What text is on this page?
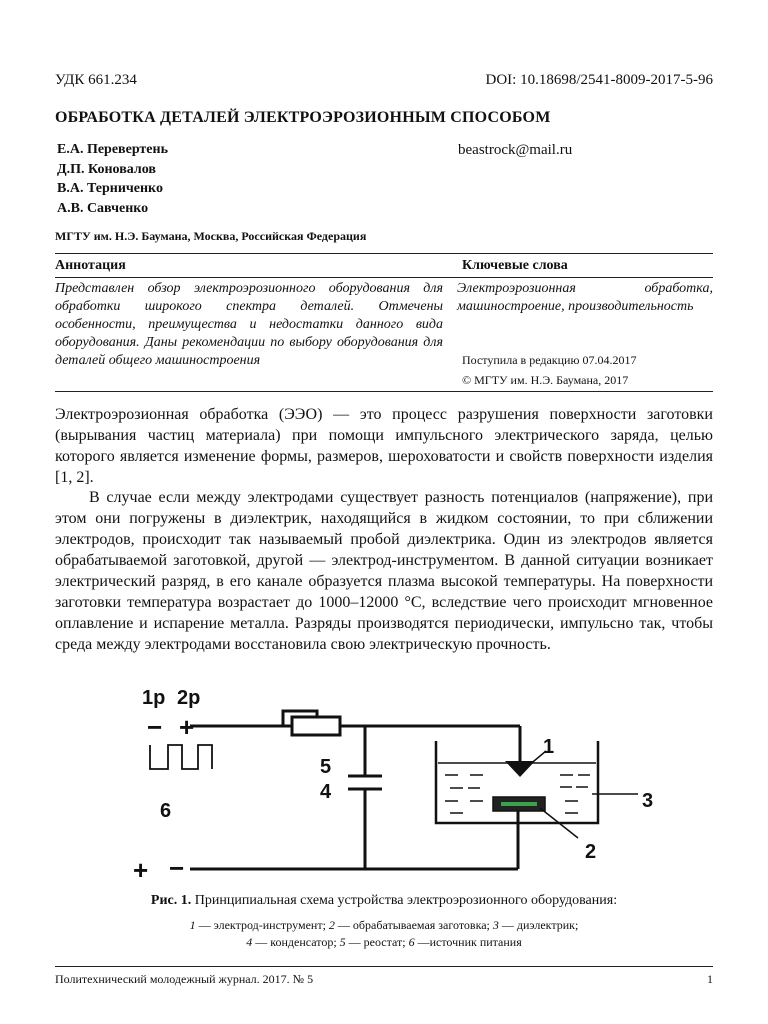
УДК 661.234	DOI: 10.18698/2541-8009-2017-5-96
ОБРАБОТКА ДЕТАЛЕЙ ЭЛЕКТРОЭРОЗИОННЫМ СПОСОБОМ
Е.А. Перевертень
Д.П. Коновалов
В.А. Терниченко
А.В. Савченко
beastrock@mail.ru
МГТУ им. Н.Э. Баумана, Москва, Российская Федерация
Аннотация	Ключевые слова
Представлен обзор электроэрозионного оборудования для обработки широкого спектра деталей. Отмечены особенности, преимущества и недостатки данного вида оборудования. Даны рекомендации по выбору оборудования для деталей общего машиностроения
Электроэрозионная обработка, машиностроение, производительность
Поступила в редакцию 07.04.2017
© МГТУ им. Н.Э. Баумана, 2017
Электроэрозионная обработка (ЭЭО) — это процесс разрушения поверхности заготовки (вырывания частиц материала) при помощи импульсного электрического заряда, целью которого является изменение формы, размеров, шероховатости и свойств поверхности изделия [1, 2].
В случае если между электродами существует разность потенциалов (напряжение), при этом они погружены в диэлектрик, находящийся в жидком состоянии, то при сближении электродов, происходит так называемый пробой диэлектрика. Один из электродов является обрабатываемой заготовкой, другой — электрод-инструментом. В данной ситуации возникает электрический разряд, в его канале образуется плазма высокой температуры. На поверхности заготовки температура возрастает до 1000–12000 °С, вследствие чего происходит мгновенное оплавление и испарение металла. Разряды производятся периодически, импульсно так, чтобы среда между электродами восстановила свою электрическую прочность.
1р 2р
− +
+ −
6
5
4
1
2
3
Рис. 1. Принципиальная схема устройства электроэрозионного оборудования:
1 — электрод-инструмент; 2 — обрабатываемая заготовка; 3 — диэлектрик;
4 — конденсатор; 5 — реостат; 6 —источник питания
Политехнический молодежный журнал. 2017. № 5	1
